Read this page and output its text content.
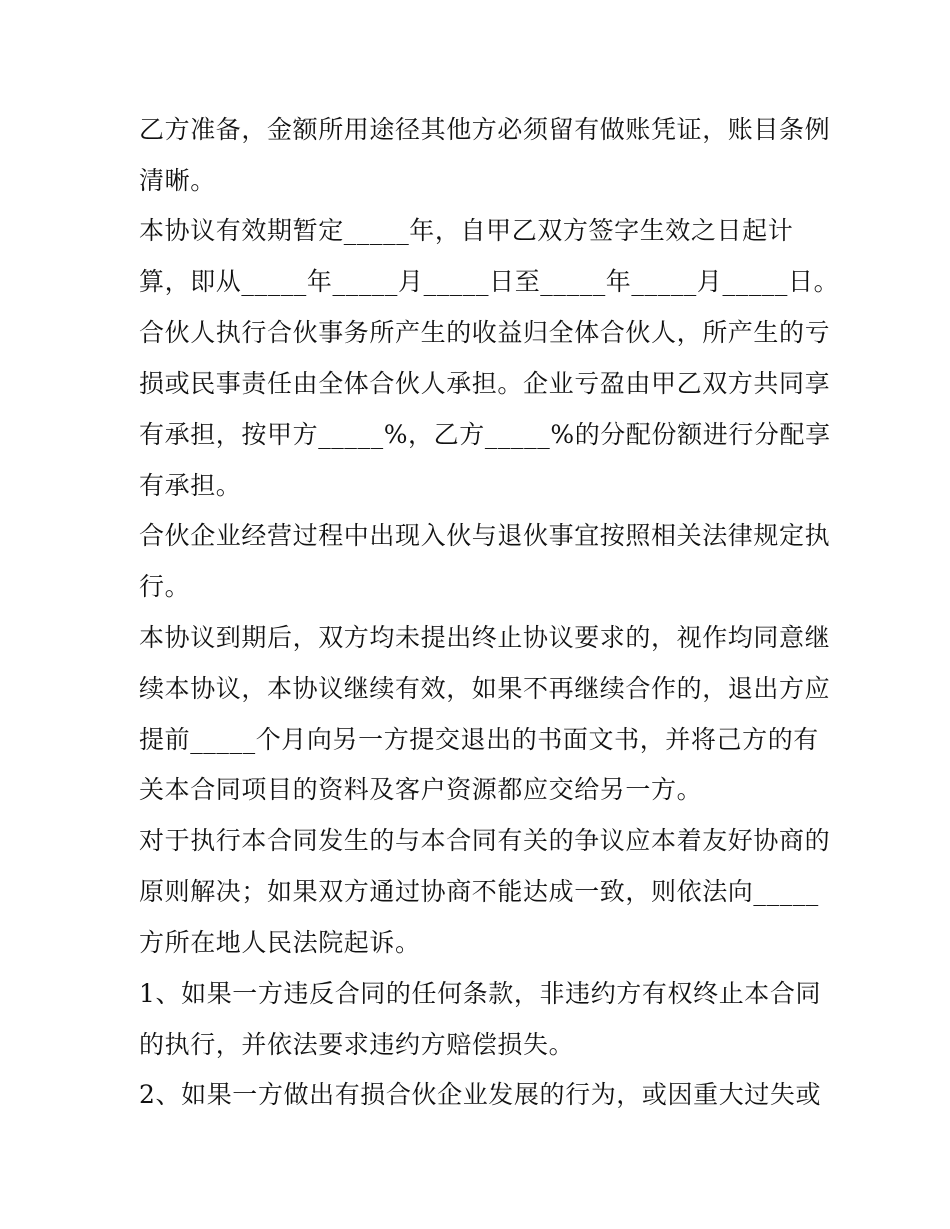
乙方准备，金额所用途径其他方必须留有做账凭证，账目条例
清晰。
本协议有效期暂定_____年，自甲乙双方签字生效之日起计
算，即从_____年_____月_____日至_____年_____月_____日。
合伙人执行合伙事务所产生的收益归全体合伙人，所产生的亏
损或民事责任由全体合伙人承担。企业亏盈由甲乙双方共同享
有承担，按甲方_____%，乙方_____%的分配份额进行分配享
有承担。
合伙企业经营过程中出现入伙与退伙事宜按照相关法律规定执
行。
本协议到期后，双方均未提出终止协议要求的，视作均同意继
续本协议，本协议继续有效，如果不再继续合作的，退出方应
提前_____个月向另一方提交退出的书面文书，并将己方的有
关本合同项目的资料及客户资源都应交给另一方。
对于执行本合同发生的与本合同有关的争议应本着友好协商的
原则解决；如果双方通过协商不能达成一致，则依法向_____
方所在地人民法院起诉。
1、如果一方违反合同的任何条款，非违约方有权终止本合同
的执行，并依法要求违约方赔偿损失。
2、如果一方做出有损合伙企业发展的行为，或因重大过失或
